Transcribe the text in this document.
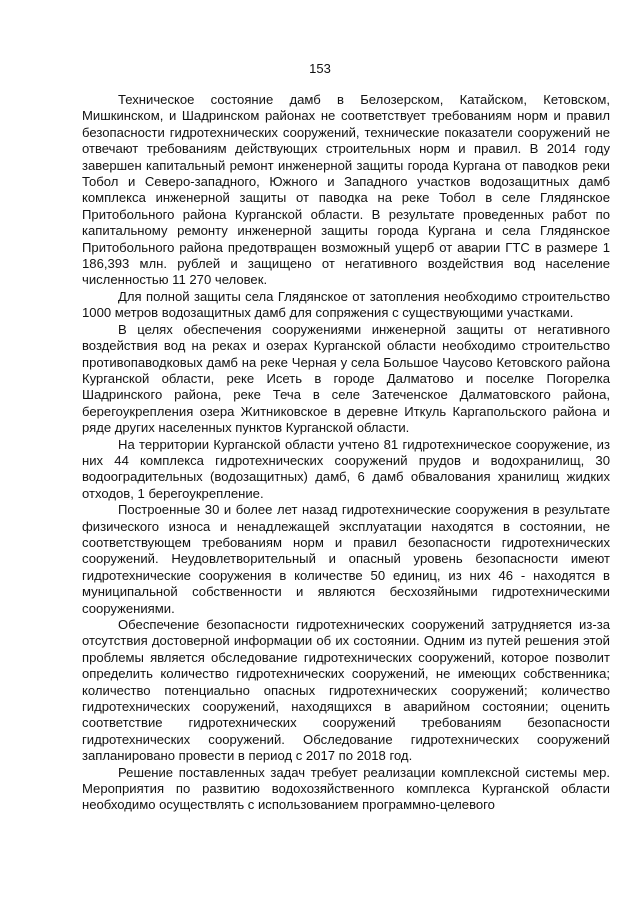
153

Техническое состояние дамб в Белозерском, Катайском, Кетовском, Мишкинском, и Шадринском районах не соответствует требованиям норм и правил безопасности гидротехнических сооружений, технические показатели сооружений не отвечают требованиям действующих строительных норм и правил. В 2014 году завершен капитальный ремонт инженерной защиты города Кургана от паводков реки Тобол и Северо-западного, Южного и Западного участков водозащитных дамб комплекса инженерной защиты от паводка на реке Тобол в селе Глядянское Притобольного района Курганской области. В результате проведенных работ по капитальному ремонту инженерной защиты города Кургана и села Глядянское Притобольного района предотвращен возможный ущерб от аварии ГТС в размере 1 186,393 млн. рублей и защищено от негативного воздействия вод население численностью 11 270 человек.

Для полной защиты села Глядянское от затопления необходимо строительство 1000 метров водозащитных дамб для сопряжения с существующими участками.

В целях обеспечения сооружениями инженерной защиты от негативного воздействия вод на реках и озерах Курганской области необходимо строительство противопаводковых дамб на реке Черная у села Большое Чаусово Кетовского района Курганской области, реке Исеть в городе Далматово и поселке Погорелка Шадринского района, реке Теча в селе Затеченское Далматовского района, берегоукрепления озера Житниковское в деревне Иткуль Каргапольского района и ряде других населенных пунктов Курганской области.

На территории Курганской области учтено 81 гидротехническое сооружение, из них 44 комплекса гидротехнических сооружений прудов и водохранилищ, 30 водооградительных (водозащитных) дамб, 6 дамб обвалования хранилищ жидких отходов, 1 берегоукрепление.

Построенные 30 и более лет назад гидротехнические сооружения в результате физического износа и ненадлежащей эксплуатации находятся в состоянии, не соответствующем требованиям норм и правил безопасности гидротехнических сооружений. Неудовлетворительный и опасный уровень безопасности имеют гидротехнические сооружения в количестве 50 единиц, из них 46 - находятся в муниципальной собственности и являются бесхозяйными гидротехническими сооружениями.

Обеспечение безопасности гидротехнических сооружений затрудняется из-за отсутствия достоверной информации об их состоянии. Одним из путей решения этой проблемы является обследование гидротехнических сооружений, которое позволит определить количество гидротехнических сооружений, не имеющих собственника; количество потенциально опасных гидротехнических сооружений; количество гидротехнических сооружений, находящихся в аварийном состоянии; оценить соответствие гидротехнических сооружений требованиям безопасности гидротехнических сооружений. Обследование гидротехнических сооружений запланировано провести в период с 2017 по 2018 год.

Решение поставленных задач требует реализации комплексной системы мер. Мероприятия по развитию водохозяйственного комплекса Курганской области необходимо осуществлять с использованием программно-целевого
